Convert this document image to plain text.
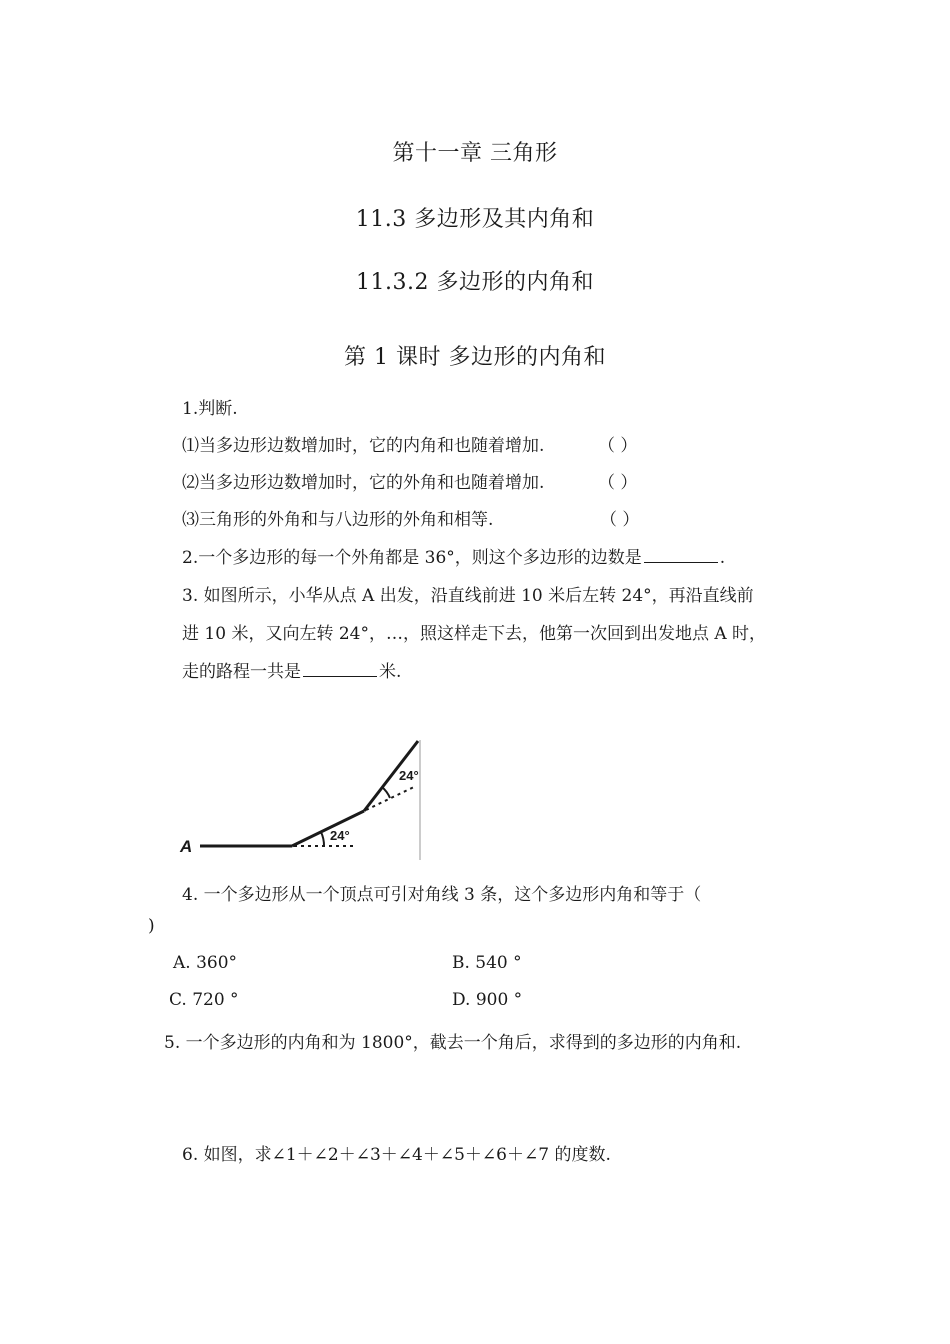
第十一章 三角形
11.3 多边形及其内角和
11.3.2 多边形的内角和
第 1 课时 多边形的内角和
1.判断.
⑴当多边形边数增加时，它的内角和也随着增加.	（ ）
⑵当多边形边数增加时，它的外角和也随着增加.	（ ）
⑶三角形的外角和与八边形的外角和相等.	（ ）
2.一个多边形的每一个外角都是 36°，则这个多边形的边数是	.
3. 如图所示，小华从点 A 出发，沿直线前进 10 米后左转 24°，再沿直线前
进 10 米，又向左转 24°，…，照这样走下去，他第一次回到出发地点 A 时，
走的路程一共是	米.
A
24°
24°
4. 一个多边形从一个顶点可引对角线 3 条，这个多边形内角和等于（
)
A. 360°	B. 540 °
C. 720 °	D. 900 °
5. 一个多边形的内角和为 1800°，截去一个角后，求得到的多边形的内角和.
6. 如图，求∠1＋∠2＋∠3＋∠4＋∠5＋∠6＋∠7 的度数.
